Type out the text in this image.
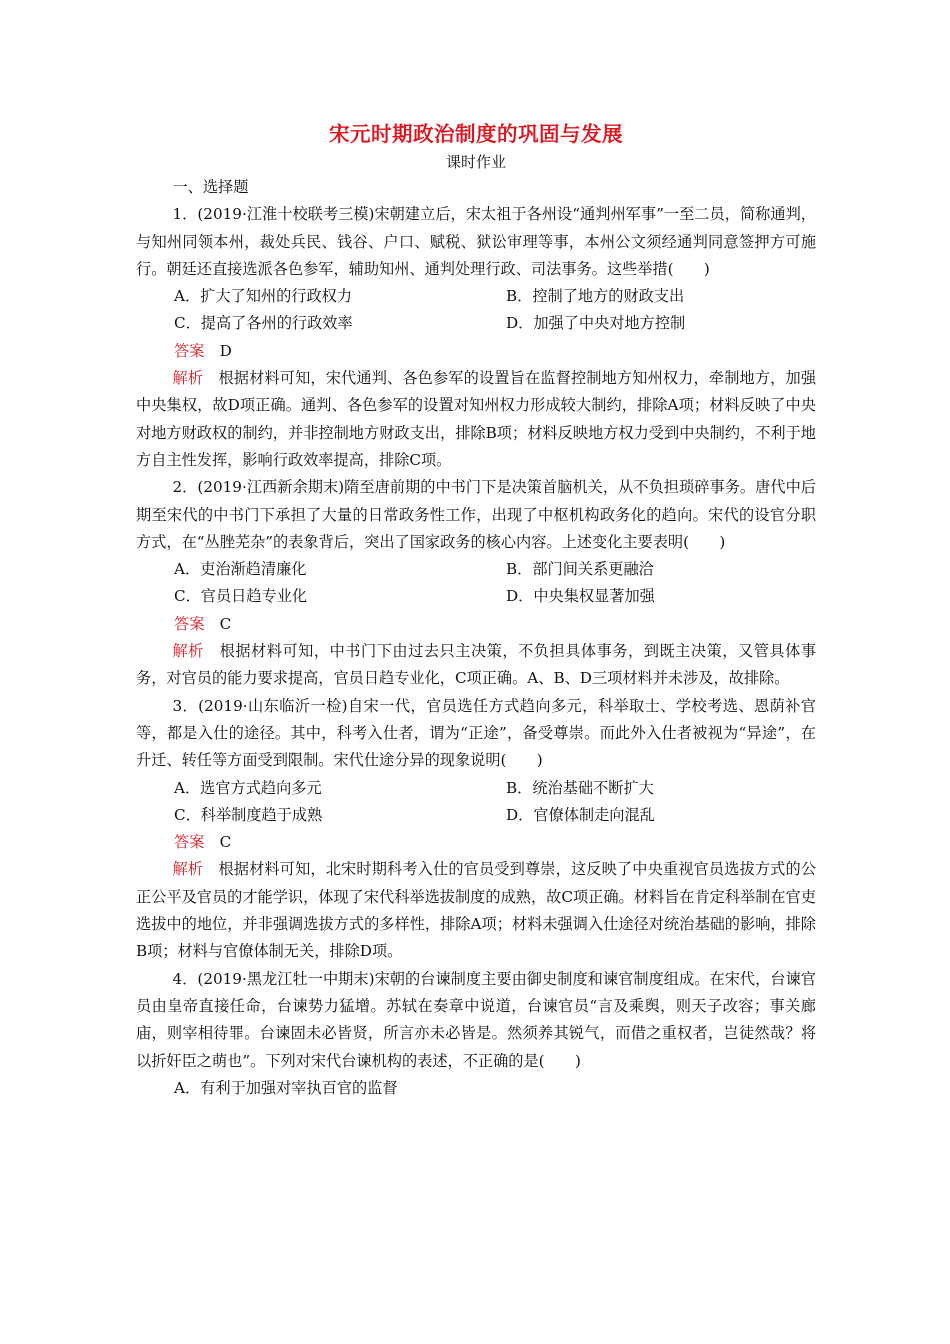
宋元时期政治制度的巩固与发展

课时作业

一、选择题

1．(2019·江淮十校联考三模)宋朝建立后，宋太祖于各州设“通判州军事”一至二员，简称通判，与知州同领本州，裁处兵民、钱谷、户口、赋税、狱讼审理等事，本州公文须经通判同意签押方可施行。朝廷还直接选派各色参军，辅助知州、通判处理行政、司法事务。这些举措(　　)

A．扩大了知州的行政权力	B．控制了地方的财政支出
C．提高了各州的行政效率	D．加强了中央对地方控制

答案　 D

解析　 根据材料可知，宋代通判、各色参军的设置旨在监督控制地方知州权力，牵制地方，加强中央集权，故D项正确。通判、各色参军的设置对知州权力形成较大制约，排除A项；材料反映了中央对地方财政权的制约，并非控制地方财政支出，排除B项；材料反映地方权力受到中央制约，不利于地方自主性发挥，影响行政效率提高，排除C项。

2．(2019·江西新余期末)隋至唐前期的中书门下是决策首脑机关，从不负担琐碎事务。唐代中后期至宋代的中书门下承担了大量的日常政务性工作，出现了中枢机构政务化的趋向。宋代的设官分职方式，在“丛脞芜杂”的表象背后，突出了国家政务的核心内容。上述变化主要表明(　　)

A．吏治渐趋清廉化	B．部门间关系更融洽
C．官员日趋专业化	D．中央集权显著加强

答案　 C

解析　 根据材料可知，中书门下由过去只主决策，不负担具体事务，到既主决策，又管具体事务，对官员的能力要求提高，官员日趋专业化，C项正确。A、B、D三项材料并未涉及，故排除。

3．(2019·山东临沂一检)自宋一代，官员选任方式趋向多元，科举取士、学校考选、恩荫补官等，都是入仕的途径。其中，科考入仕者，谓为“正途”，备受尊崇。而此外入仕者被视为“异途”，在升迁、转任等方面受到限制。宋代仕途分异的现象说明(　　)

A．选官方式趋向多元	B．统治基础不断扩大
C．科举制度趋于成熟	D．官僚体制走向混乱

答案　 C

解析　 根据材料可知，北宋时期科考入仕的官员受到尊崇，这反映了中央重视官员选拔方式的公正公平及官员的才能学识，体现了宋代科举选拔制度的成熟，故C项正确。材料旨在肯定科举制在官吏选拔中的地位，并非强调选拔方式的多样性，排除A项；材料未强调入仕途径对统治基础的影响，排除B项；材料与官僚体制无关，排除D项。

4．(2019·黑龙江牡一中期末)宋朝的台谏制度主要由御史制度和谏官制度组成。在宋代，台谏官员由皇帝直接任命，台谏势力猛增。苏轼在奏章中说道，台谏官员“言及乘舆，则天子改容；事关廊庙，则宰相待罪。台谏固未必皆贤，所言亦未必皆是。然须养其锐气，而借之重权者，岂徒然哉？将以折奸臣之萌也”。下列对宋代台谏机构的表述，不正确的是(　　)

A．有利于加强对宰执百官的监督
